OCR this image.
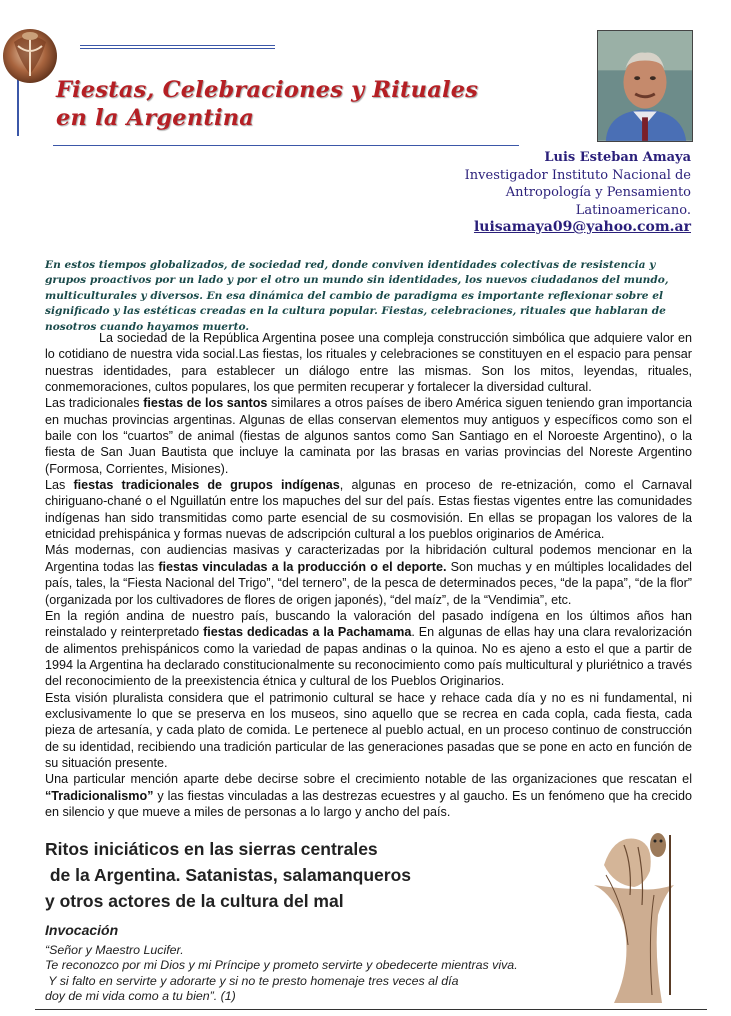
Fiestas, Celebraciones y Rituales
en la Argentina
Luis Esteban Amaya
Investigador Instituto Nacional de
Antropología y Pensamiento
Latinoamericano.
luisamaya09@yahoo.com.ar
En estos tiempos globalizados, de sociedad red, donde conviven identidades colectivas de resistencia y grupos proactivos por un lado y por el otro un mundo sin identidades, los nuevos ciudadanos del mundo, multiculturales y diversos. En esa dinámica del cambio de paradigma es importante reflexionar sobre el significado y las estéticas creadas en la cultura popular. Fiestas, celebraciones, rituales que hablaran de nosotros cuando hayamos muerto.

La sociedad de la República Argentina posee una compleja construcción simbólica que adquiere valor en lo cotidiano de nuestra vida social.Las fiestas, los rituales y celebraciones se constituyen en el espacio para pensar nuestras identidades, para establecer un diálogo entre las mismas. Son los mitos, leyendas, rituales, conmemoraciones, cultos populares, los que permiten recuperar y fortalecer la diversidad cultural.

Las tradicionales fiestas de los santos similares a otros países de ibero América siguen teniendo gran importancia en muchas provincias argentinas. Algunas de ellas conservan elementos muy antiguos y específicos como son el baile con los “cuartos” de animal (fiestas de algunos santos como San Santiago en el Noroeste Argentino), o la fiesta de San Juan Bautista que incluye la caminata por las brasas en varias provincias del Noreste Argentino (Formosa, Corrientes, Misiones).

Las fiestas tradicionales de grupos indígenas, algunas en proceso de re-etnización, como el Carnaval chiriguano-chané o el Nguillatún entre los mapuches del sur del país. Estas fiestas vigentes entre las comunidades indígenas han sido transmitidas como parte esencial de su cosmovisión. En ellas se propagan los valores de la etnicidad prehispánica y formas nuevas de adscripción cultural a los pueblos originarios de América.

Más modernas, con audiencias masivas y caracterizadas por la hibridación cultural podemos mencionar en la Argentina todas las fiestas vinculadas a la producción o el deporte. Son muchas y en múltiples localidades del país, tales, la “Fiesta Nacional del Trigo”, “del ternero”, de la pesca de determinados peces, “de la papa”, “de la flor” (organizada por los cultivadores de flores de origen japonés), “del maíz”, de la “Vendimia”, etc.

En la región andina de nuestro país, buscando la valoración del pasado indígena en los últimos años han reinstalado y reinterpretado fiestas dedicadas a la Pachamama. En algunas de ellas hay una clara revalorización de alimentos prehispánicos como la variedad de papas andinas o la quinoa. No es ajeno a esto el que a partir de 1994 la Argentina ha declarado constitucionalmente su reconocimiento como país multicultural y pluriétnico a través del reconocimiento de la preexistencia étnica y cultural de los Pueblos Originarios.

Esta visión pluralista considera que el patrimonio cultural se hace y rehace cada día y no es ni fundamental, ni exclusivamente lo que se preserva en los museos, sino aquello que se recrea en cada copla, cada fiesta, cada pieza de artesanía, y cada plato de comida. Le pertenece al pueblo actual, en un proceso continuo de construcción de su identidad, recibiendo una tradición particular de las generaciones pasadas que se pone en acto en función de su situación presente.

Una particular mención aparte debe decirse sobre el crecimiento notable de las organizaciones que rescatan el “Tradicionalismo” y las fiestas vinculadas a las destrezas ecuestres y al gaucho. Es un fenómeno que ha crecido en silencio y que mueve a miles de personas a lo largo y ancho del país.

Ritos iniciáticos en las sierras centrales
de la Argentina. Satanistas, salamanqueros
y otros actores de la cultura del mal
Invocación
“Señor y Maestro Lucifer.
Te reconozco por mi Dios y mi Príncipe y prometo servirte y obedecerte mientras viva.
Y si falto en servirte y adorarte y si no te presto homenaje tres veces al día
doy de mi vida como a tu bien”. (1)
